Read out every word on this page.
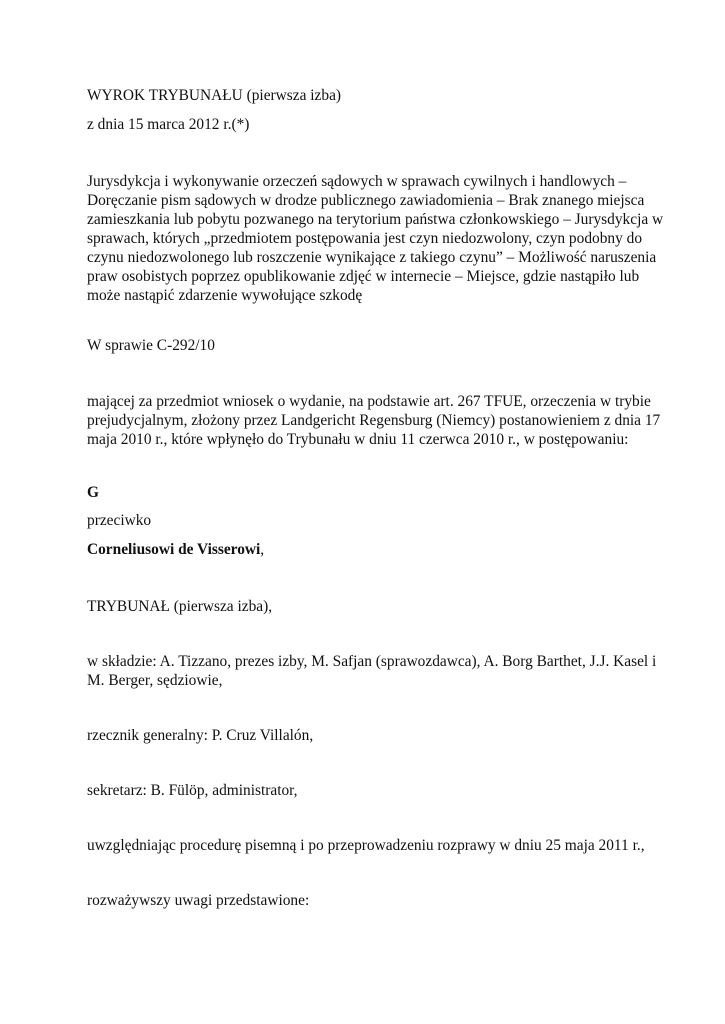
WYROK TRYBUNAŁU (pierwsza izba)

z dnia 15 marca 2012 r.(*)

Jurysdykcja i wykonywanie orzeczeń sądowych w sprawach cywilnych i handlowych –
Doręczanie pism sądowych w drodze publicznego zawiadomienia – Brak znanego miejsca
zamieszkania lub pobytu pozwanego na terytorium państwa członkowskiego – Jurysdykcja w
sprawach, których „przedmiotem postępowania jest czyn niedozwolony, czyn podobny do
czynu niedozwolonego lub roszczenie wynikające z takiego czynu” – Możliwość naruszenia
praw osobistych poprzez opublikowanie zdjęć w internecie – Miejsce, gdzie nastąpiło lub
może nastąpić zdarzenie wywołujące szkodę

W sprawie C‑292/10

mającej za przedmiot wniosek o wydanie, na podstawie art. 267 TFUE, orzeczenia w trybie
prejudycjalnym, złożony przez Landgericht Regensburg (Niemcy) postanowieniem z dnia 17
maja 2010 r., które wpłynęło do Trybunału w dniu 11 czerwca 2010 r., w postępowaniu:

G

przeciwko

Corneliusowi de Visserowi,

TRYBUNAŁ (pierwsza izba),

w składzie: A. Tizzano, prezes izby, M. Safjan (sprawozdawca), A. Borg Barthet, J.J. Kasel i
M. Berger, sędziowie,

rzecznik generalny: P. Cruz Villalón,

sekretarz: B. Fülöp, administrator,

uwzględniając procedurę pisemną i po przeprowadzeniu rozprawy w dniu 25 maja 2011 r.,

rozważywszy uwagi przedstawione:
